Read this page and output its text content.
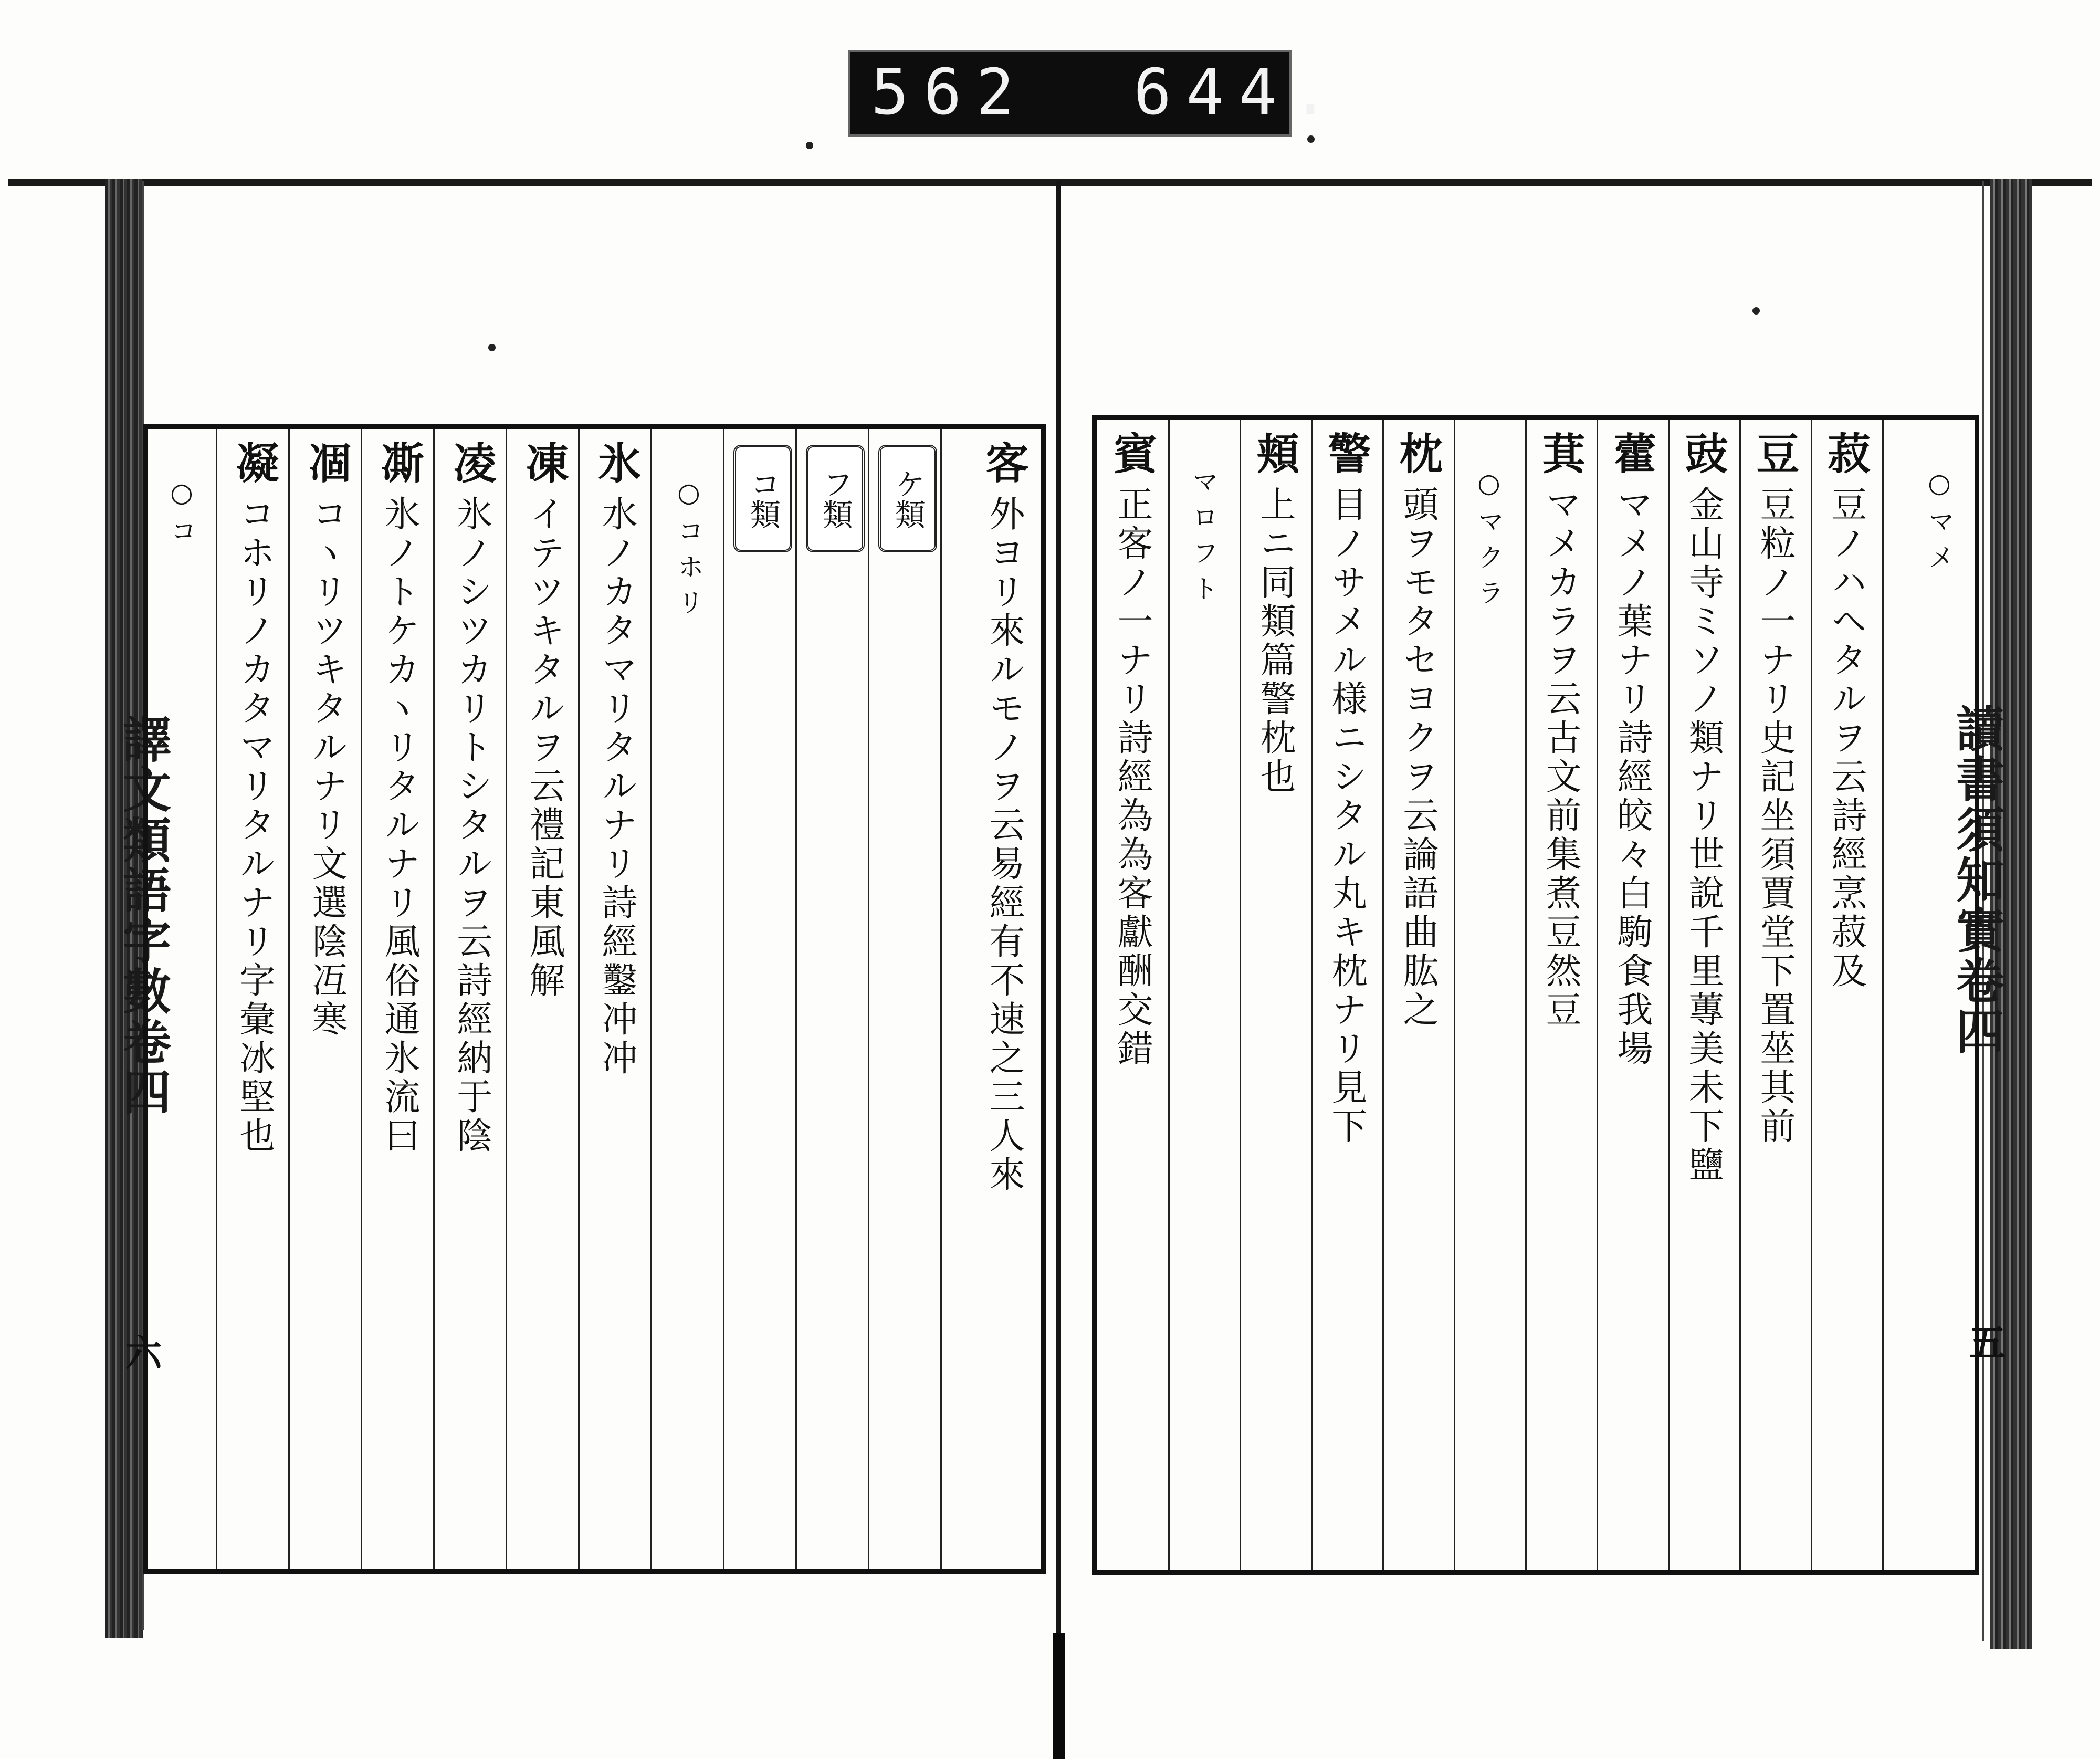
562 644.
譯文類語字數卷四
六
讀書須知實卷四
五
客
外ヨリ來ルモノヲ云易經有不速之三人來
ケ類
フ類
コ類
○コホリ
氷
水ノカタマリタルナリ詩經鑿冲冲
凍
イテツキタルヲ云禮記東風解
凌
氷ノシツカリトシタルヲ云詩經納于陰
凘
氷ノトケカヽリタルナリ風俗通氷流曰
凅
コヽリツキタルナリ文選陰冱寒
凝
コホリノカタマリタルナリ字彙冰堅也
○コ	○マメ
菽
豆ノハヘタルヲ云詩經烹菽及
豆
豆粒ノ一ナリ史記坐須賈堂下置莝其前
豉
金山寺ミソノ類ナリ世說千里蓴美未下鹽
藿
マメノ葉ナリ詩經皎々白駒食我場
萁
マメカラヲ云古文前集煮豆然豆
○マクラ
枕
頭ヲモタセヨクヲ云論語曲肱之
警
目ノサメル様ニシタル丸キ枕ナリ見下
頬
上ニ同類篇警枕也
マロフト
賓
正客ノ一ナリ詩經為為客獻酬交錯
